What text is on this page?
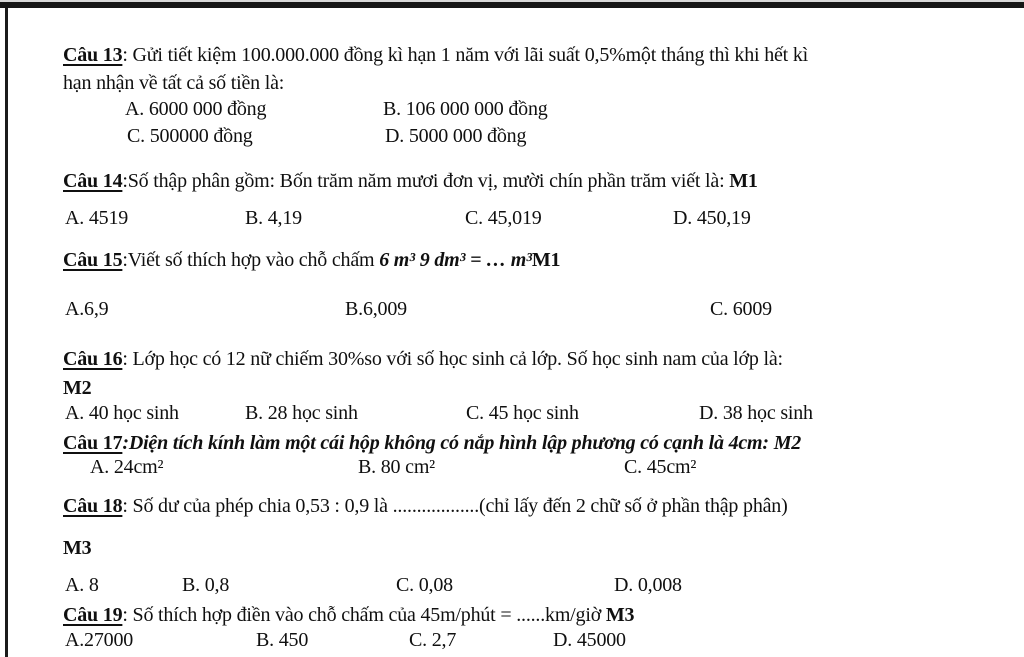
Câu 13: Gửi tiết kiệm 100.000.000 đồng kì hạn 1 năm với lãi suất 0,5%một tháng thì khi hết kì
hạn nhận về tất cả số tiền là:
A. 6000 000 đồng	B. 106 000 000 đồng
C. 500000 đồng	D. 5000 000 đồng
Câu 14:Số thập phân gồm: Bốn trăm năm mươi đơn vị, mười chín phần trăm viết là: M1
A. 4519	B. 4,19	C. 45,019	D. 450,19
Câu 15:Viết số thích hợp vào chỗ chấm 6 m³ 9 dm³ = … m³M1
A.6,9	B.6,009	C. 6009
Câu 16: Lớp học có 12 nữ chiếm 30%so với số học sinh cả lớp. Số học sinh nam của lớp là:
M2
A. 40 học sinh	B. 28 học sinh	C. 45 học sinh	D. 38 học sinh
Câu 17:Diện tích kính làm một cái hộp không có nắp hình lập phương có cạnh là 4cm: M2
A. 24cm²	B. 80 cm²	C. 45cm²
Câu 18: Số dư của phép chia 0,53 : 0,9 là ..................(chỉ lấy đến 2 chữ số ở phần thập phân)
M3
A. 8	B. 0,8	C. 0,08	D. 0,008
Câu 19: Số thích hợp điền vào chỗ chấm của 45m/phút = ......km/giờ M3
A.27000	B. 450	C. 2,7	D. 45000
